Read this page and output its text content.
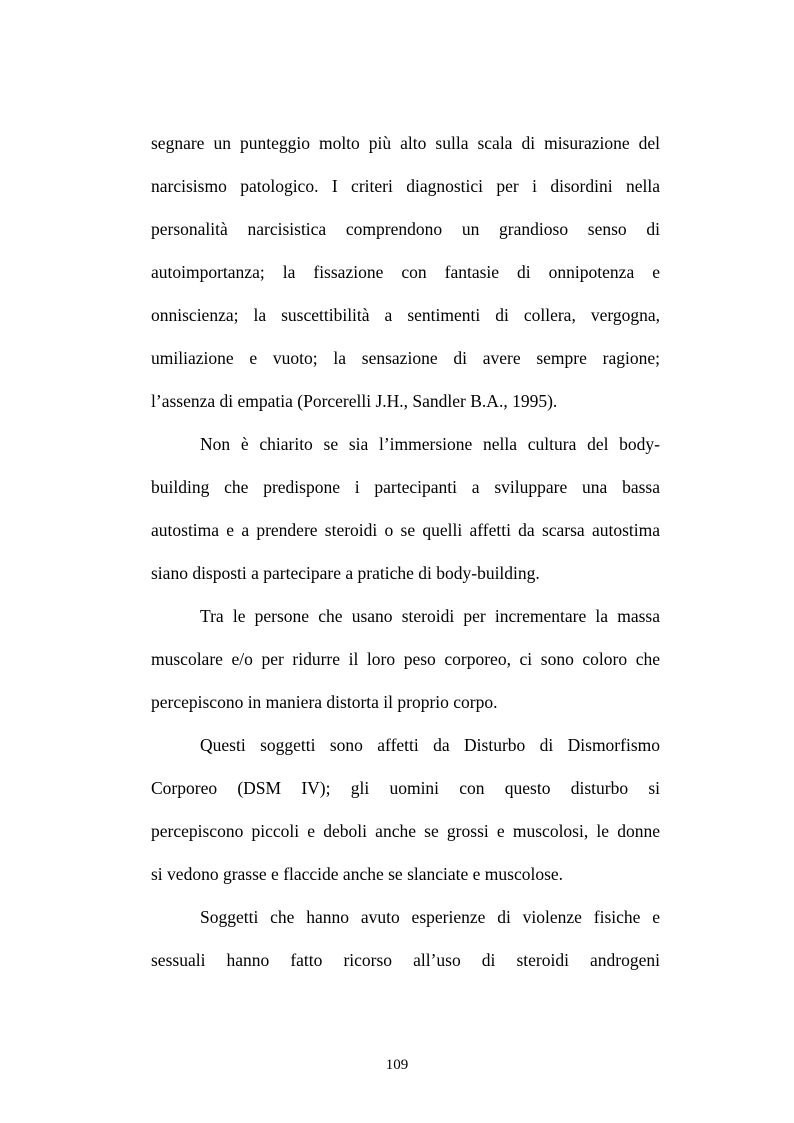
segnare un punteggio molto più alto sulla scala di misurazione del
narcisismo patologico. I criteri diagnostici per i disordini nella
personalità narcisistica comprendono un grandioso senso di
autoimportanza; la fissazione con fantasie di onnipotenza e
onniscienza; la suscettibilità a sentimenti di collera, vergogna,
umiliazione e vuoto; la sensazione di avere sempre ragione;
l’assenza di empatia (Porcerelli J.H., Sandler B.A., 1995).
Non è chiarito se sia l’immersione nella cultura del body-
building che predispone i partecipanti a sviluppare una bassa
autostima e a prendere steroidi o se quelli affetti da scarsa autostima
siano disposti a partecipare a pratiche di body-building.
Tra le persone che usano steroidi per incrementare la massa
muscolare e/o per ridurre il loro peso corporeo, ci sono coloro che
percepiscono in maniera distorta il proprio corpo.
Questi soggetti sono affetti da Disturbo di Dismorfismo
Corporeo (DSM IV); gli uomini con questo disturbo si
percepiscono piccoli e deboli anche se grossi e muscolosi, le donne
si vedono grasse e flaccide anche se slanciate e muscolose.
Soggetti che hanno avuto esperienze di violenze fisiche e
sessuali hanno fatto ricorso all’uso di steroidi androgeni
109
